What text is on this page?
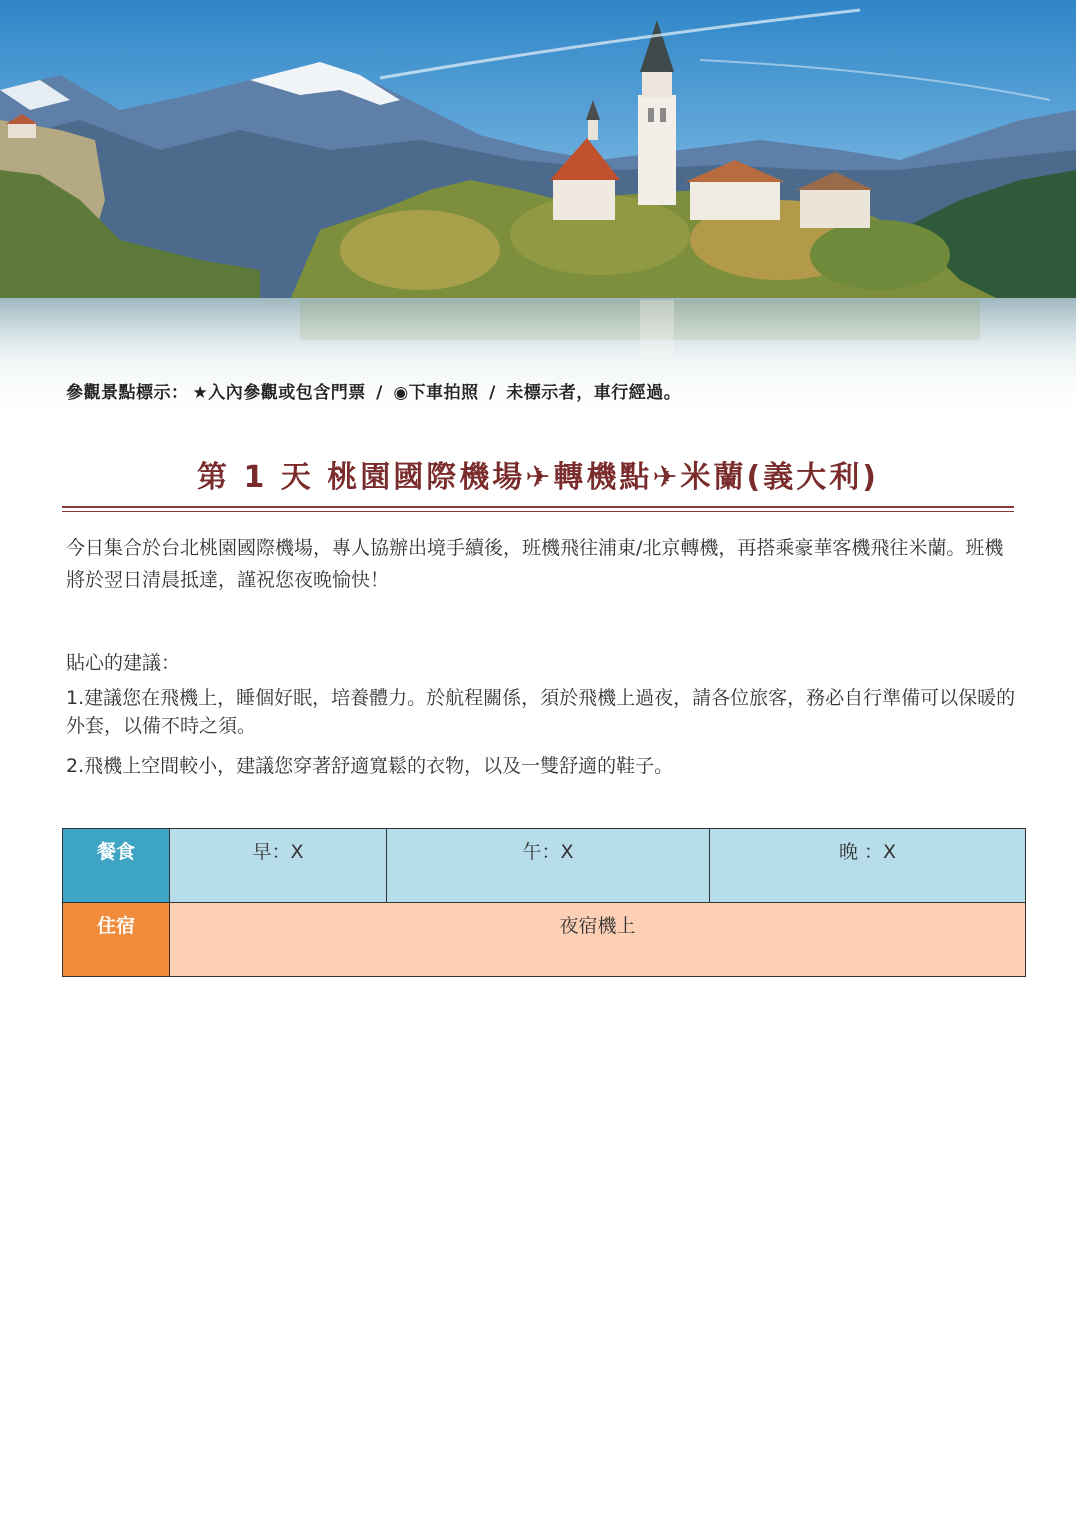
參觀景點標示： ★入內參觀或包含門票 / ◉下車拍照 / 未標示者，車行經過。
第 1 天 桃園國際機場✈轉機點✈米蘭(義大利)
今日集合於台北桃園國際機場，專人協辦出境手續後，班機飛往浦東/北京轉機，再搭乘豪華客機飛往米蘭。班機將於翌日清晨抵達，謹祝您夜晚愉快！
貼心的建議：
1.建議您在飛機上，睡個好眠，培養體力。於航程關係，須於飛機上過夜，請各位旅客，務必自行準備可以保暖的外套，以備不時之須。
2.飛機上空間較小，建議您穿著舒適寬鬆的衣物，以及一雙舒適的鞋子。
餐食	早：X	午：X	晚 ：X
住宿	夜宿機上		
